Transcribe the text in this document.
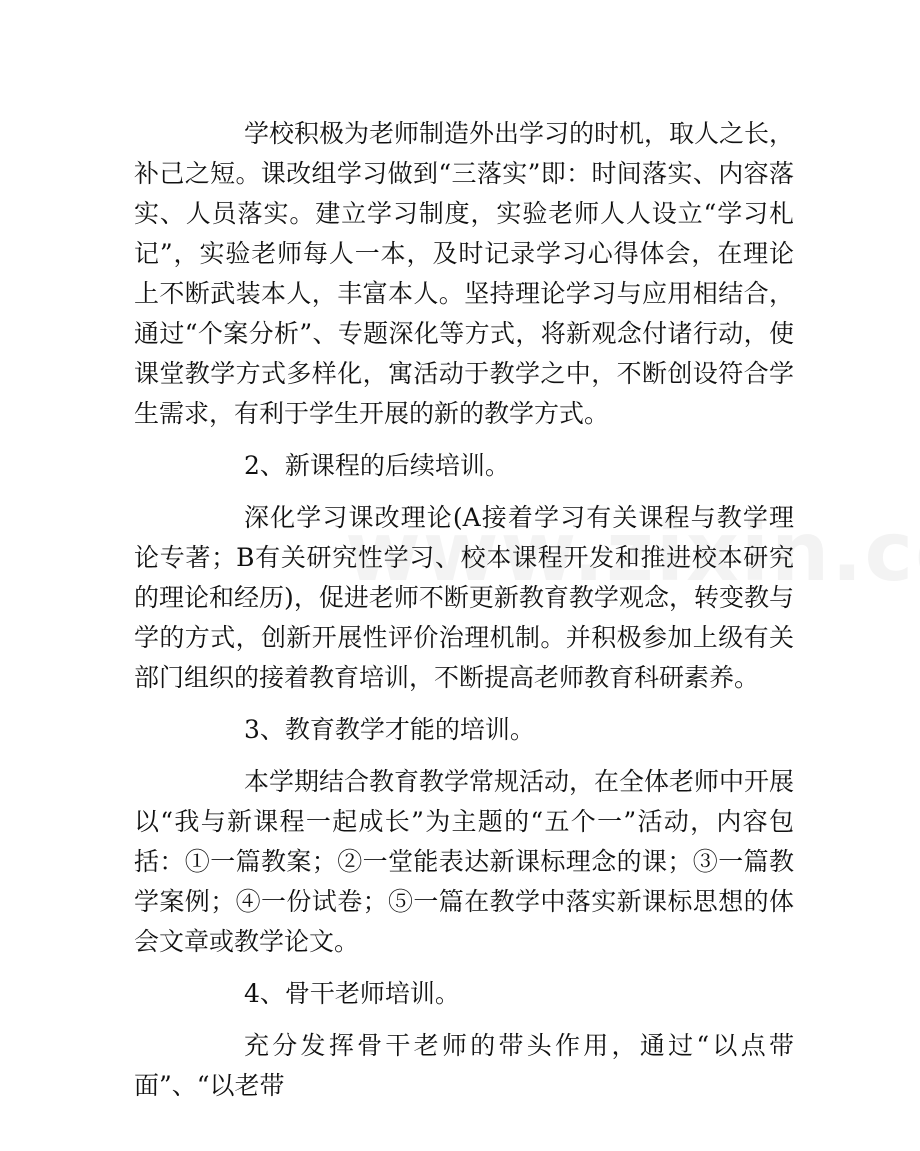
学校积极为老师制造外出学习的时机，取人之长，补己之短。课改组学习做到“三落实”即：时间落实、内容落实、人员落实。建立学习制度，实验老师人人设立“学习札记”，实验老师每人一本，及时记录学习心得体会，在理论上不断武装本人，丰富本人。坚持理论学习与应用相结合，通过“个案分析”、专题深化等方式，将新观念付诸行动，使课堂教学方式多样化，寓活动于教学之中，不断创设符合学生需求，有利于学生开展的新的教学方式。

2、新课程的后续培训。

深化学习课改理论(A接着学习有关课程与教学理论专著；B有关研究性学习、校本课程开发和推进校本研究的理论和经历)，促进老师不断更新教育教学观念，转变教与学的方式，创新开展性评价治理机制。并积极参加上级有关部门组织的接着教育培训，不断提高老师教育科研素养。

3、教育教学才能的培训。

本学期结合教育教学常规活动，在全体老师中开展以“我与新课程一起成长”为主题的“五个一”活动，内容包括：①一篇教案；②一堂能表达新课标理念的课；③一篇教学案例；④一份试卷；⑤一篇在教学中落实新课标思想的体会文章或教学论文。

4、骨干老师培训。

充分发挥骨干老师的带头作用，通过“以点带面”、“以老带
